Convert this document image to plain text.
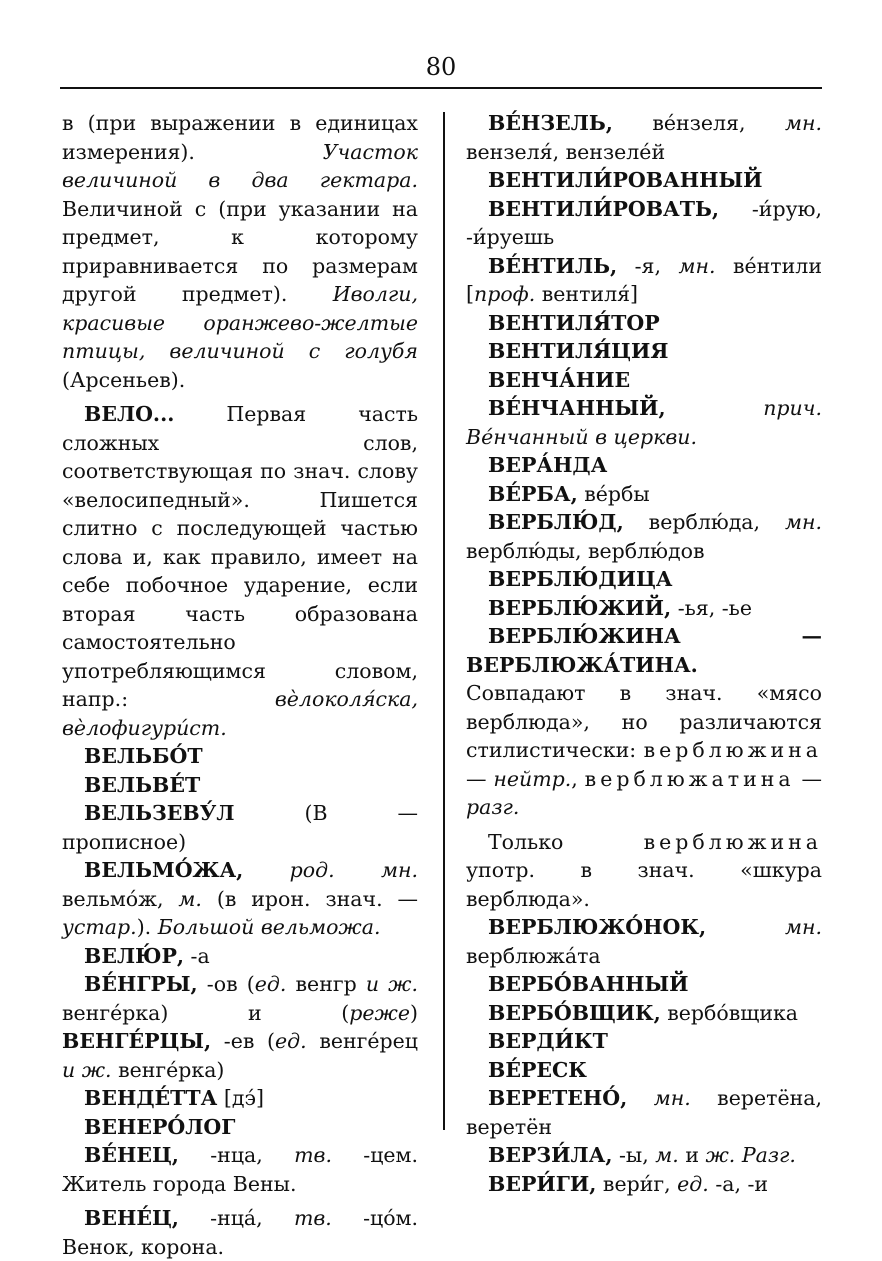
80

в (при выражении в единицах измерения). Участок величиной в два гектара. Величиной с (при указании на предмет, к которому приравнивается по размерам другой предмет). Иволги, красивые оранжево-желтые птицы, величиной с голубя (Арсеньев).

ВЕЛО... Первая часть сложных слов, соответствующая по знач. слову «велосипедный». Пишется слитно с последующей частью слова и, как правило, имеет на себе побочное ударение, если вторая часть образована самостоятельно употребляющимся словом, напр.: вèлоколя́ска, вèлофигури́ст.

ВЕЛЬБО́Т

ВЕЛЬВЕ́Т

ВЕЛЬЗЕВУ́Л (В — прописное)

ВЕЛЬМО́ЖА, род. мн. вельмо́ж, м. (в ирон. знач. — устар.). Большой вельможа.

ВЕЛЮ́Р, -а

ВЕ́НГРЫ, -ов (ед. венгр и ж. венге́рка) и (реже) ВЕНГЕ́РЦЫ, -ев (ед. венге́рец и ж. венге́рка)

ВЕНДЕ́ТТА [дэ́]

ВЕНЕРО́ЛОГ

ВЕ́НЕЦ, -нца, тв. -цем. Житель города Вены.

ВЕНЕ́Ц, -нца́, тв. -цо́м. Венок, корона.

ВЕ́НЗЕЛЬ, ве́нзеля, мн. вензеля́, вензеле́й

ВЕНТИЛИ́РОВАННЫЙ

ВЕНТИЛИ́РОВАТЬ, -и́рую, -и́руешь

ВЕ́НТИЛЬ, -я, мн. ве́нтили [проф. вентиля́]

ВЕНТИЛЯ́ТОР

ВЕНТИЛЯ́ЦИЯ

ВЕНЧА́НИЕ

ВЕ́НЧАННЫЙ,	прич. Ве́нчанный в церкви.

ВЕРА́НДА

ВЕ́РБА, ве́рбы

ВЕРБЛЮ́Д, верблю́да, мн. верблю́ды, верблю́дов

ВЕРБЛЮ́ДИЦА

ВЕРБЛЮ́ЖИЙ, -ья, -ье

ВЕРБЛЮ́ЖИНА — ВЕРБЛЮЖА́ТИНА. Совпадают в знач. «мясо верблюда», но различаются стилистически: верблюжина — нейтр., верблюжатина — разг.

Только верблюжина употр. в знач. «шкура верблюда».

ВЕРБЛЮЖО́НОК,	мн. верблюжа́та

ВЕРБО́ВАННЫЙ

ВЕРБО́ВЩИК, вербо́вщика

ВЕРДИ́КТ

ВЕ́РЕСК

ВЕРЕТЕНО́, мн. веретёна, веретён

ВЕРЗИ́ЛА, -ы, м. и ж. Разг.

ВЕРИ́ГИ, вери́г, ед. -а, -и
